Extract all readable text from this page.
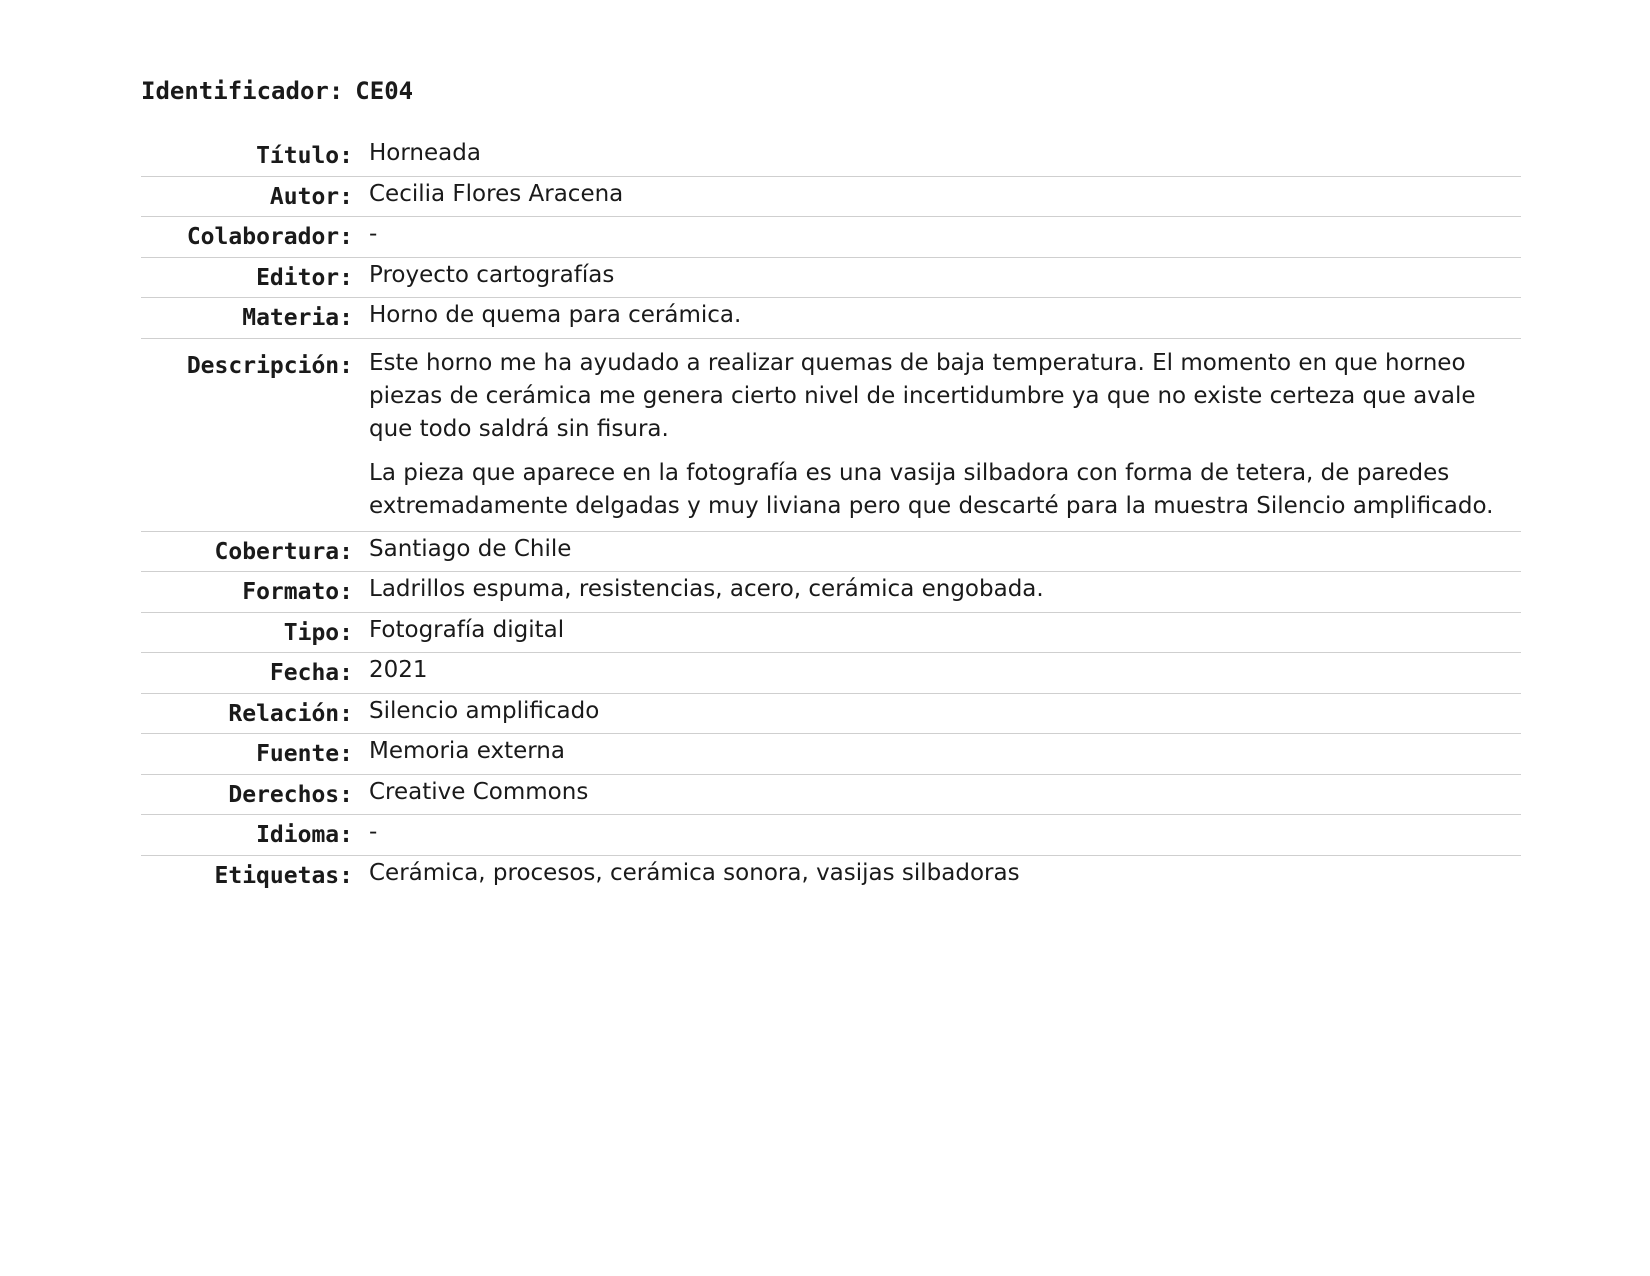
Identificador: CE04
Título: Horneada
Autor: Cecilia Flores Aracena
Colaborador: -
Editor: Proyecto cartografías
Materia: Horno de quema para cerámica.
Descripción: Este horno me ha ayudado a realizar quemas de baja temperatura. El momento en que horneo piezas de cerámica me genera cierto nivel de incertidumbre ya que no existe certeza que avale que todo saldrá sin fisura.

La pieza que aparece en la fotografía es una vasija silbadora con forma de tetera, de paredes extremadamente delgadas y muy liviana pero que descarté para la muestra Silencio amplificado.

Cobertura: Santiago de Chile
Formato: Ladrillos espuma, resistencias, acero, cerámica engobada.
Tipo: Fotografía digital
Fecha: 2021
Relación: Silencio amplificado
Fuente: Memoria externa
Derechos: Creative Commons
Idioma: -
Etiquetas: Cerámica, procesos, cerámica sonora, vasijas silbadoras
